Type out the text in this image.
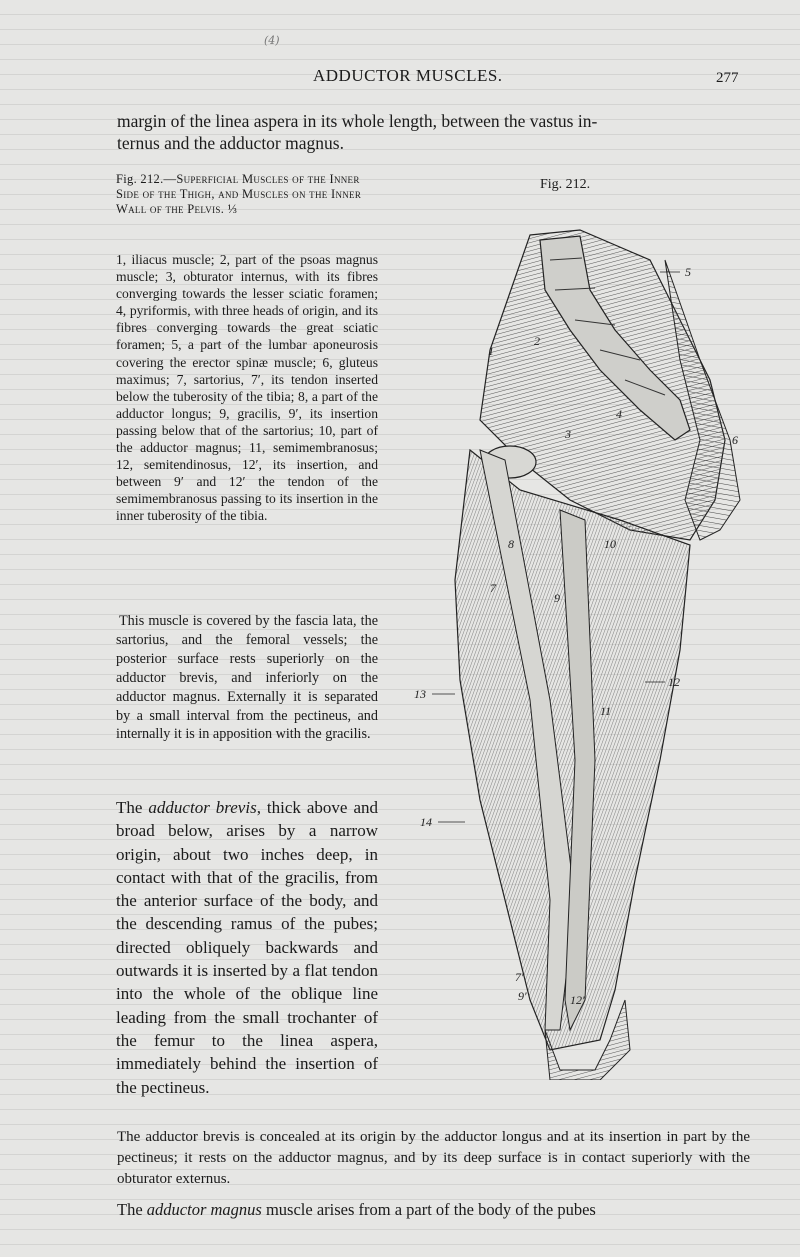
(4)
ADDUCTOR MUSCLES.	277

margin of the linea aspera in its whole length, between the vastus in-

ternus and the adductor magnus.

Fig. 212.—Superficial Muscles of the Inner Side of the Thigh, and Muscles on the Inner Wall of the Pelvis. ⅓

1, iliacus muscle; 2, part of the psoas magnus muscle; 3, obturator internus, with its fibres converging towards the lesser sciatic foramen; 4, pyriformis, with three heads of origin, and its fibres converging towards the great sciatic foramen; 5, a part of the lumbar aponeurosis covering the erector spinæ muscle; 6, gluteus maximus; 7, sartorius, 7′, its tendon inserted below the tuberosity of the tibia; 8, a part of the adductor longus; 9, gracilis, 9′, its insertion passing below that of the sartorius; 10, part of the adductor magnus; 11, semimembranosus; 12, semitendinosus, 12′, its insertion, and between 9′ and 12′ the tendon of the semimembranosus passing to its insertion in the inner tuberosity of the tibia.

This muscle is covered by the fascia lata, the sartorius, and the femoral vessels; the posterior surface rests superiorly on the adductor brevis, and inferiorly on the adductor magnus. Externally it is separated by a small interval from the pectineus, and internally it is in apposition with the gracilis.

The adductor brevis, thick above and broad below, arises by a narrow origin, about two inches deep, in contact with that of the gracilis, from the anterior surface of the body, and the descending ramus of the pubes; directed obliquely backwards and outwards it is inserted by a flat tendon into the whole of the oblique line leading from the small trochanter of the femur to the linea aspera, immediately behind the insertion of the pectineus.

The adductor brevis is concealed at its origin by the adductor longus and at its insertion in part by the pectineus; it rests on the adductor magnus, and by its deep surface is in contact superiorly with the obturator externus.

The adductor magnus muscle arises from a part of the body of the pubes

Fig. 212.
1
2
3
4
5
6
7
7′
8
9
9′
10
11
12
12′
13
14
